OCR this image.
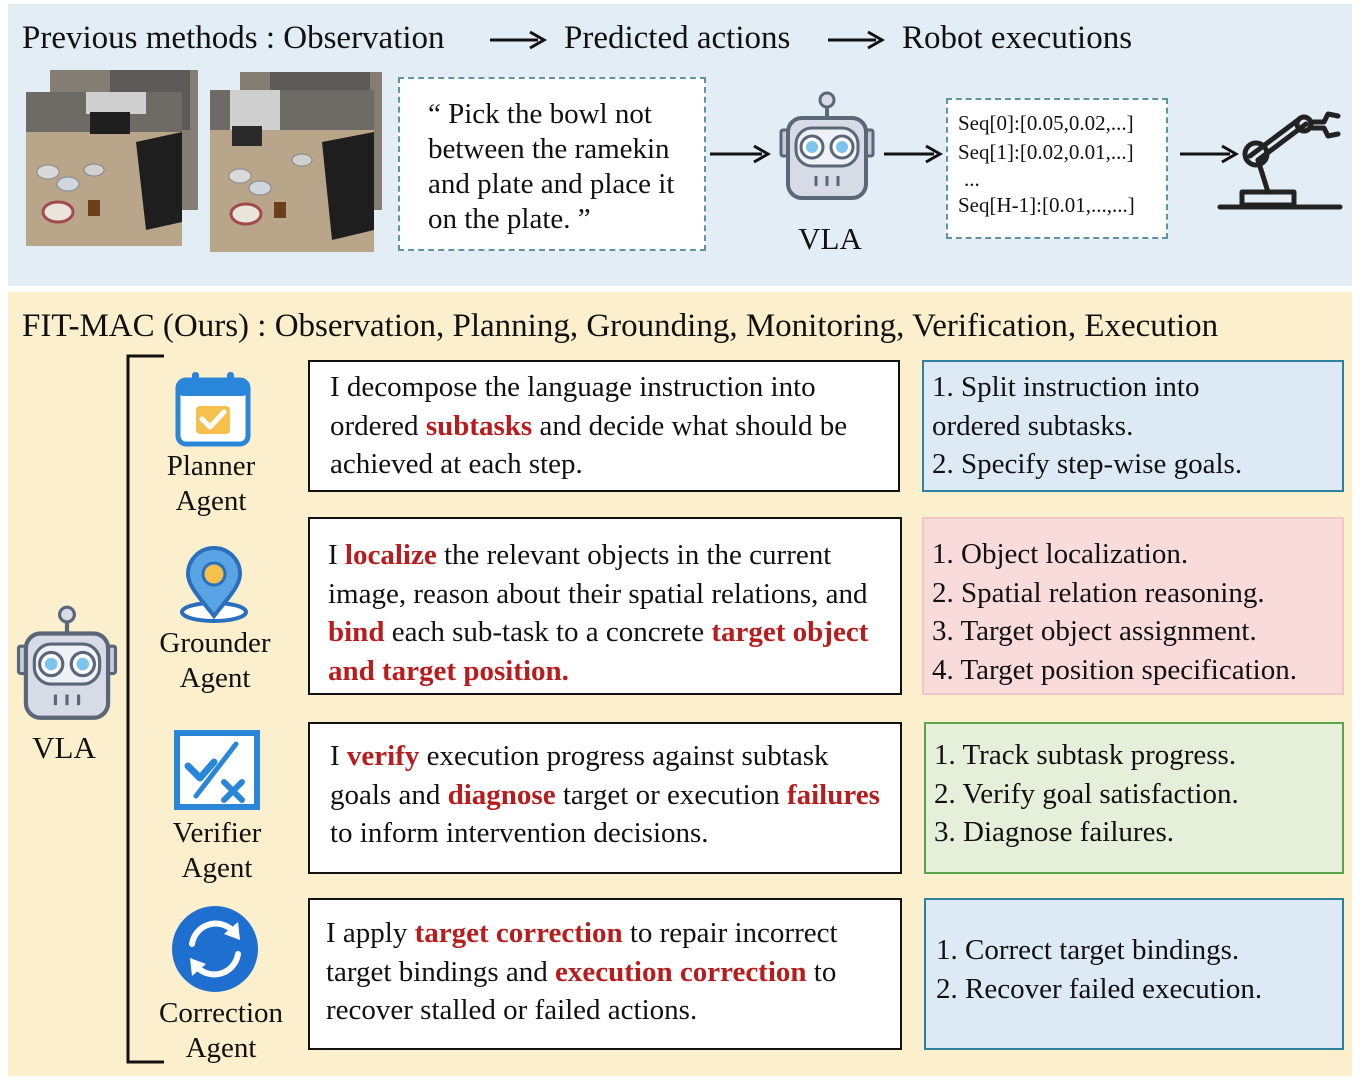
Previous methods : Observation	Predicted actions	Robot executions
“ Pick the bowl not between the ramekin and plate and place it on the plate. ”
VLA
Seq[0]:[0.05,0.02,...]
Seq[1]:[0.02,0.01,...]
...
Seq[H-1]:[0.01,...,...]
FIT-MAC (Ours) : Observation, Planning, Grounding, Monitoring, Verification, Execution
VLA
Planner
Agent
Grounder
Agent
Verifier
Agent
Correction
Agent
I decompose the language instruction into ordered subtasks and decide what should be achieved at each step.
I localize the relevant objects in the current image, reason about their spatial relations, and bind each sub-task to a concrete target object and target position.
I verify execution progress against subtask goals and diagnose target or execution failures to inform intervention decisions.
I apply target correction to repair incorrect target bindings and execution correction to recover stalled or failed actions.
1. Split instruction into
ordered subtasks.
2. Specify step-wise goals.
1. Object localization.
2. Spatial relation reasoning.
3. Target object assignment.
4. Target position specification.
1. Track subtask progress.
2. Verify goal satisfaction.
3. Diagnose failures.
1. Correct target bindings.
2. Recover failed execution.
